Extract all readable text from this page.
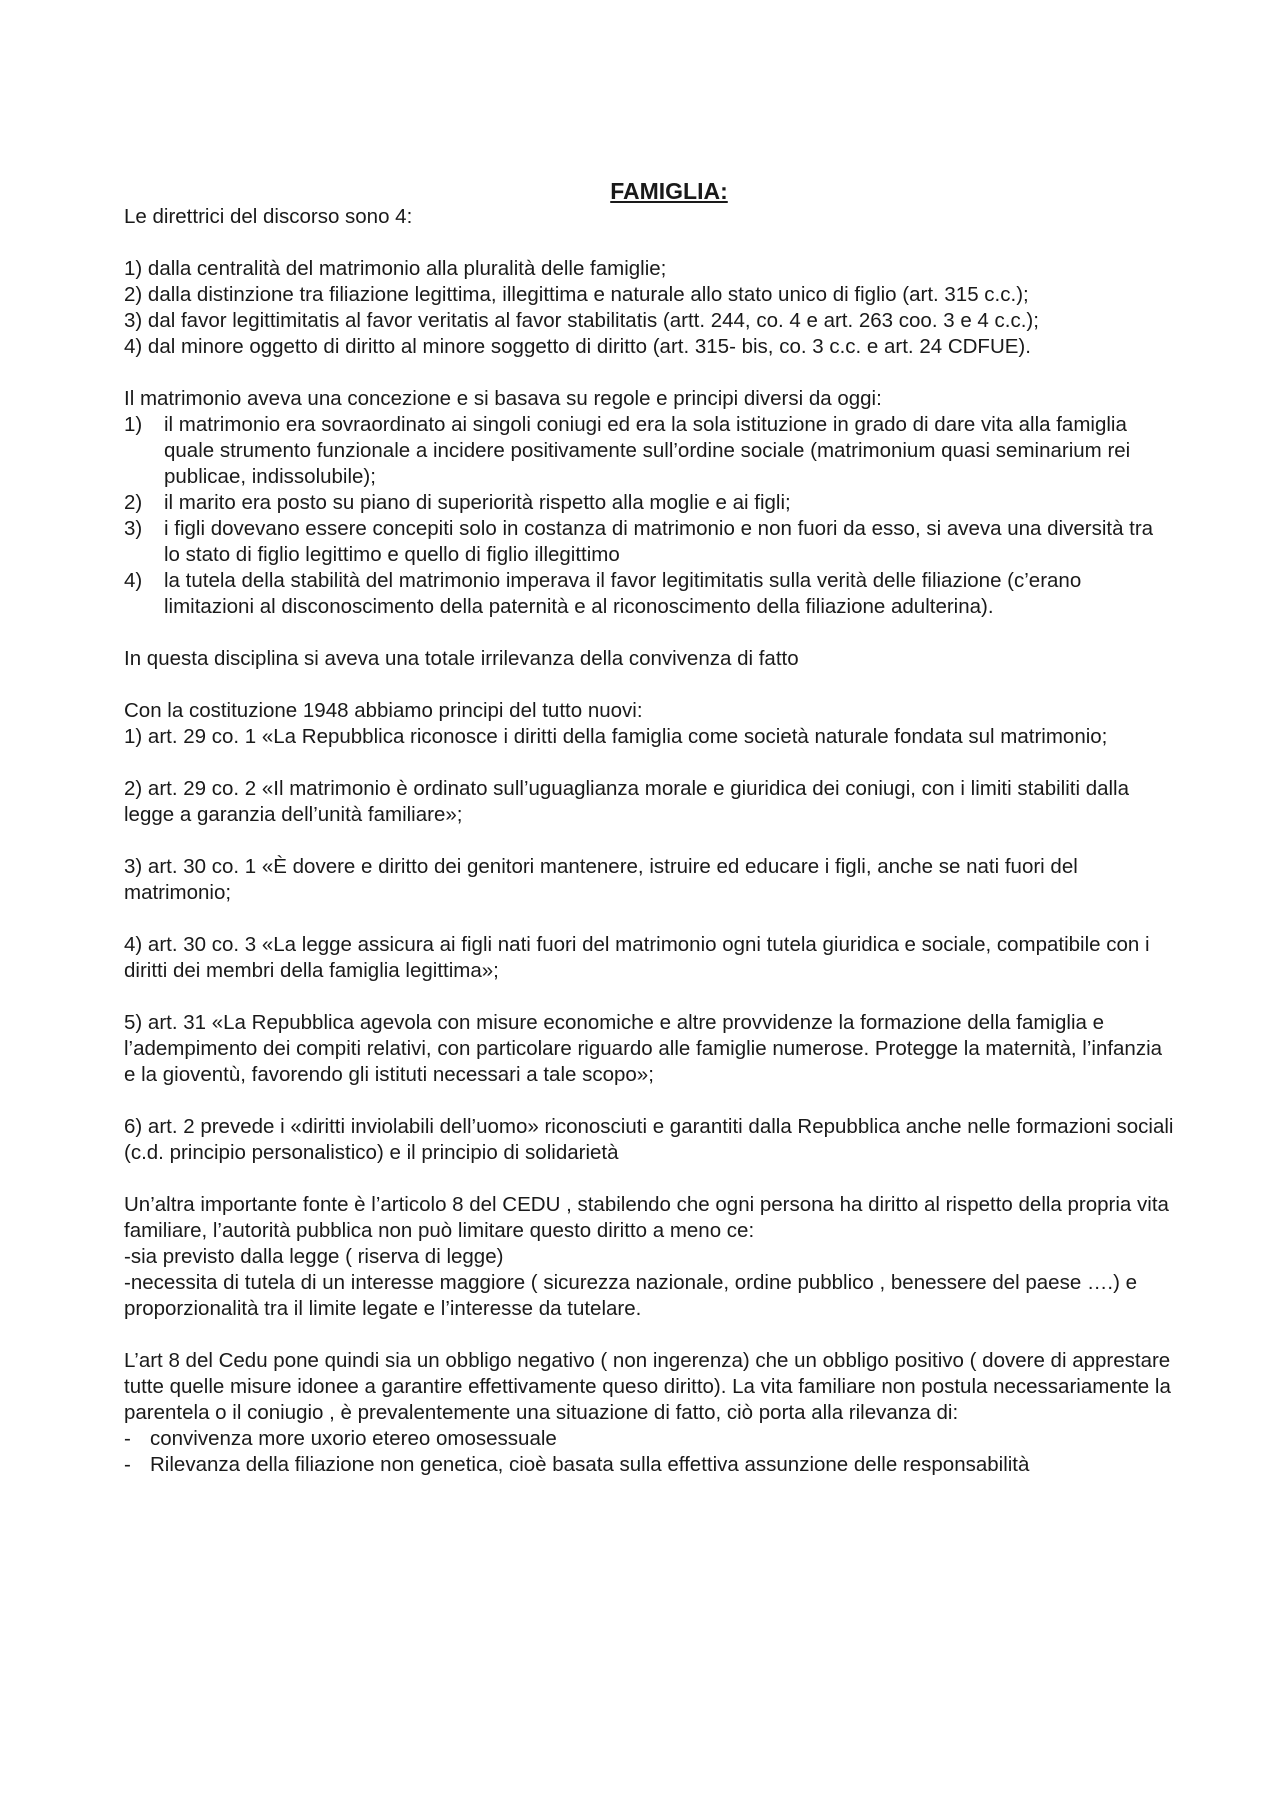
FAMIGLIA:

Le direttrici del discorso sono 4:

1) dalla centralità del matrimonio alla pluralità delle famiglie;

2) dalla distinzione tra filiazione legittima, illegittima e naturale allo stato unico di figlio (art. 315 c.c.);

3) dal favor legittimitatis al favor veritatis al favor stabilitatis (artt. 244, co. 4 e art. 263 coo. 3 e 4 c.c.);

4) dal minore oggetto di diritto al minore soggetto di diritto (art. 315- bis, co. 3 c.c. e art. 24 CDFUE).

Il matrimonio aveva una concezione e si basava su regole e principi diversi da oggi:

1)	il matrimonio era sovraordinato ai singoli coniugi ed era la sola istituzione in grado di dare vita alla famiglia quale strumento funzionale a incidere positivamente sull’ordine sociale (matrimonium quasi seminarium rei publicae, indissolubile);
2)	il marito era posto su piano di superiorità rispetto alla moglie e ai figli;
3)	i figli dovevano essere concepiti solo in costanza di matrimonio e non fuori da esso, si aveva una diversità tra lo stato di figlio legittimo e quello di figlio illegittimo
4)	la tutela della stabilità del matrimonio imperava il favor legitimitatis sulla verità delle filiazione (c’erano limitazioni al disconoscimento della paternità e al riconoscimento della filiazione adulterina).

In questa disciplina si aveva una totale irrilevanza della convivenza di fatto

Con la costituzione 1948 abbiamo principi del tutto nuovi:

1) art. 29 co. 1 «La Repubblica riconosce i diritti della famiglia come società naturale fondata sul matrimonio;

2) art. 29 co. 2 «Il matrimonio è ordinato sull’uguaglianza morale e giuridica dei coniugi, con i limiti stabiliti dalla legge a garanzia dell’unità familiare»;

3) art. 30 co. 1 «È dovere e diritto dei genitori mantenere, istruire ed educare i figli, anche se nati fuori del matrimonio;

4) art. 30 co. 3 «La legge assicura ai figli nati fuori del matrimonio ogni tutela giuridica e sociale, compatibile con i diritti dei membri della famiglia legittima»;

5) art. 31 «La Repubblica agevola con misure economiche e altre provvidenze la formazione della famiglia e l’adempimento dei compiti relativi, con particolare riguardo alle famiglie numerose. Protegge la maternità, l’infanzia e la gioventù, favorendo gli istituti necessari a tale scopo»;

6) art. 2 prevede i «diritti inviolabili dell’uomo» riconosciuti e garantiti dalla Repubblica anche nelle formazioni sociali (c.d. principio personalistico) e il principio di solidarietà

Un’altra importante fonte è l’articolo 8 del CEDU , stabilendo che ogni persona ha diritto al rispetto della propria vita familiare, l’autorità pubblica non può limitare questo diritto a meno ce:

-sia previsto dalla legge ( riserva di legge)

-necessita di tutela di un interesse maggiore ( sicurezza nazionale, ordine pubblico , benessere del paese ….) e proporzionalità tra il limite legate e l’interesse da tutelare.

L’art 8 del Cedu pone quindi sia un obbligo negativo ( non ingerenza) che un obbligo positivo ( dovere di apprestare tutte quelle misure idonee a garantire effettivamente queso diritto). La vita familiare non postula necessariamente la parentela o il coniugio , è prevalentemente una situazione di fatto, ciò porta alla rilevanza di:

- convivenza more uxorio etereo omosessuale
- Rilevanza della filiazione non genetica, cioè basata sulla effettiva assunzione delle responsabilità
